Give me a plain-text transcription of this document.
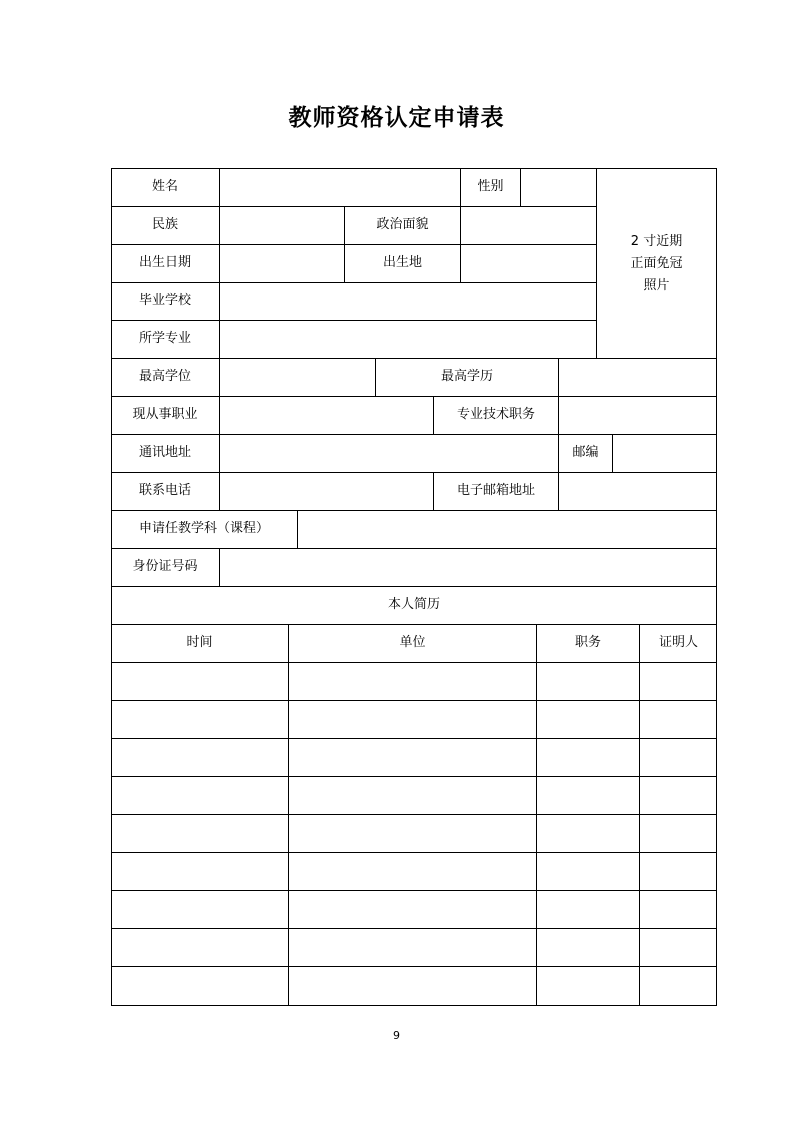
教师资格认定申请表
姓名	性别
民族	政治面貌
出生日期	出生地
毕业学校
所学专业
2 寸近期
正面免冠
照片
最高学位	最高学历
现从事职业	专业技术职务
通讯地址	邮编
联系电话	电子邮箱地址
申请任教学科（课程）
身份证号码
本人简历
时间	单位	职务	证明人
9
